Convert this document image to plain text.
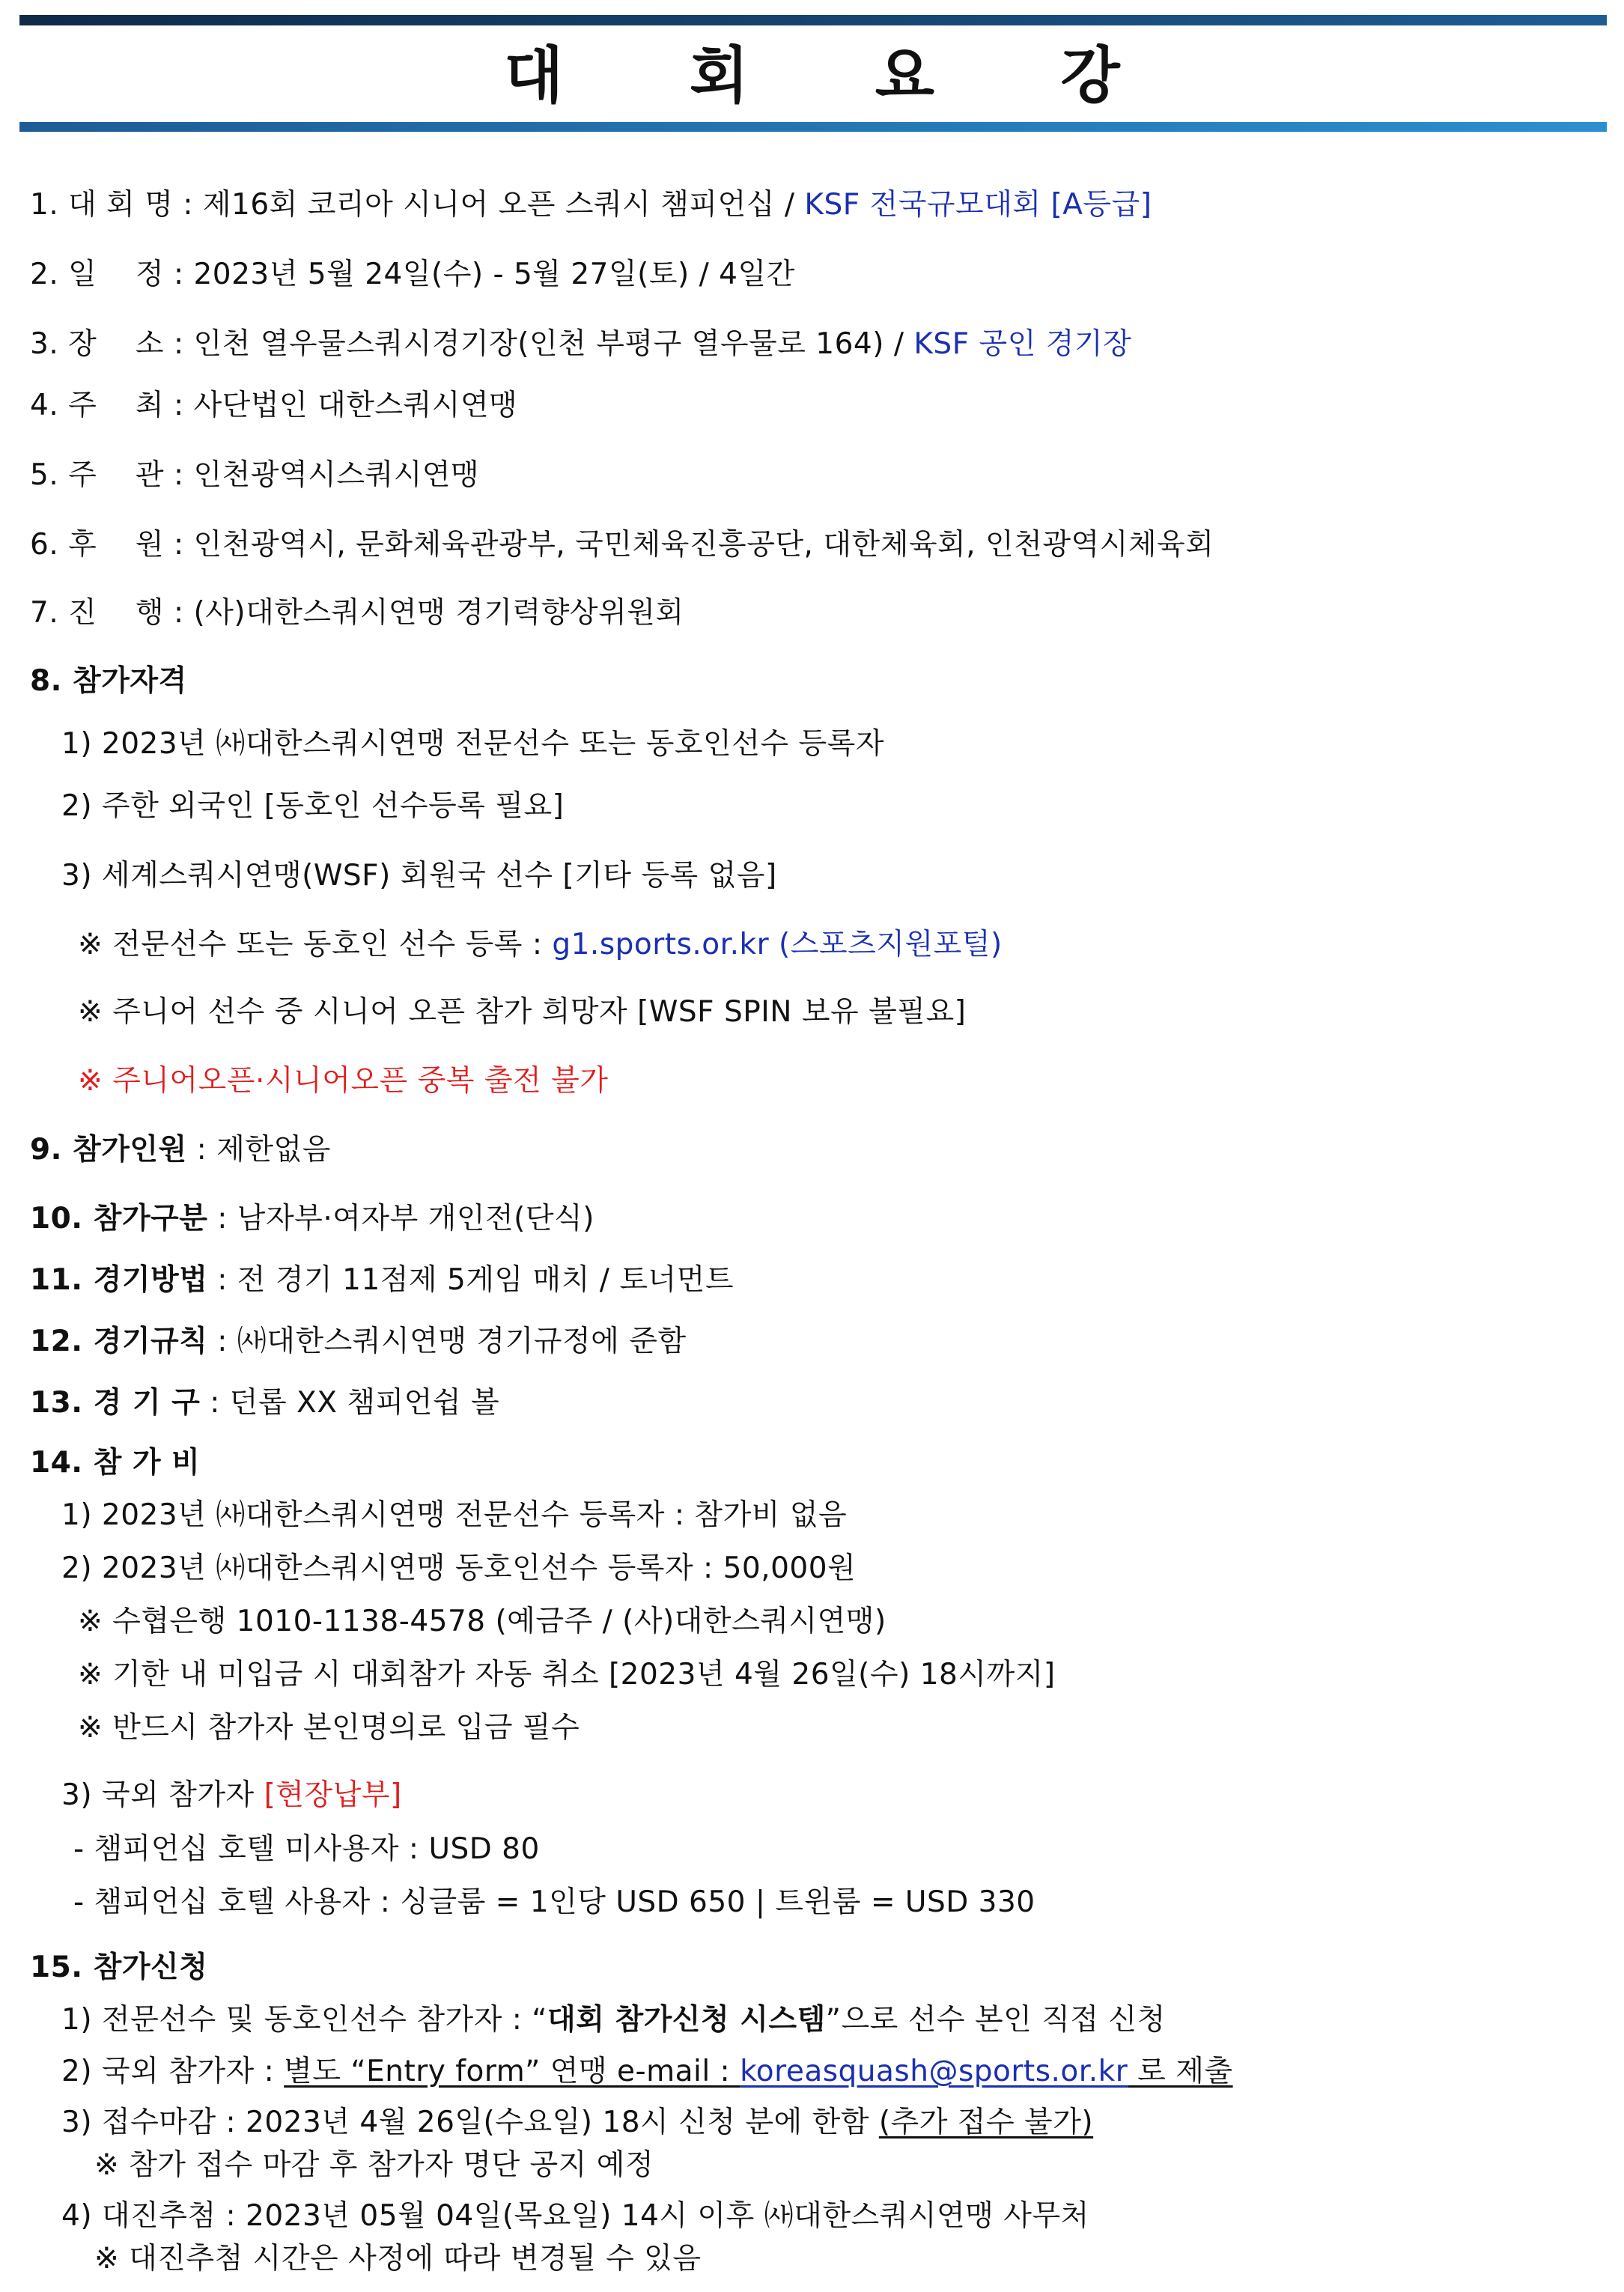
대 회 요 강
1. 대 회 명 : 제16회 코리아 시니어 오픈 스쿼시 챔피언십 / KSF 전국규모대회 [A등급]
2. 일    정 : 2023년 5월 24일(수) - 5월 27일(토) / 4일간
3. 장    소 : 인천 열우물스쿼시경기장(인천 부평구 열우물로 164) / KSF 공인 경기장
4. 주    최 : 사단법인 대한스쿼시연맹
5. 주    관 : 인천광역시스쿼시연맹
6. 후    원 : 인천광역시, 문화체육관광부, 국민체육진흥공단, 대한체육회, 인천광역시체육회
7. 진    행 : (사)대한스쿼시연맹 경기력향상위원회
8. 참가자격
1) 2023년 ㈔대한스쿼시연맹 전문선수 또는 동호인선수 등록자
2) 주한 외국인 [동호인 선수등록 필요]
3) 세계스쿼시연맹(WSF) 회원국 선수 [기타 등록 없음]
※ 전문선수 또는 동호인 선수 등록 : g1.sports.or.kr (스포츠지원포털)
※ 주니어 선수 중 시니어 오픈 참가 희망자 [WSF SPIN 보유 불필요]
※ 주니어오픈·시니어오픈 중복 출전 불가
9. 참가인원 : 제한없음
10. 참가구분 : 남자부·여자부 개인전(단식)
11. 경기방법 : 전 경기 11점제 5게임 매치 / 토너먼트
12. 경기규칙 : ㈔대한스쿼시연맹 경기규정에 준함
13. 경 기 구 : 던롭 XX 챔피언쉽 볼
14. 참 가 비
1) 2023년 ㈔대한스쿼시연맹 전문선수 등록자 : 참가비 없음
2) 2023년 ㈔대한스쿼시연맹 동호인선수 등록자 : 50,000원
※ 수협은행 1010-1138-4578 (예금주 / (사)대한스쿼시연맹)
※ 기한 내 미입금 시 대회참가 자동 취소 [2023년 4월 26일(수) 18시까지]
※ 반드시 참가자 본인명의로 입금 필수
3) 국외 참가자 [현장납부]
- 챔피언십 호텔 미사용자 : USD 80
- 챔피언십 호텔 사용자 : 싱글룸 = 1인당 USD 650 | 트윈룸 = USD 330
15. 참가신청
1) 전문선수 및 동호인선수 참가자 : “대회 참가신청 시스템”으로 선수 본인 직접 신청
2) 국외 참가자 : 별도 “Entry form” 연맹 e-mail : koreasquash@sports.or.kr 로 제출
3) 접수마감 : 2023년 4월 26일(수요일) 18시 신청 분에 한함 (추가 접수 불가)
※ 참가 접수 마감 후 참가자 명단 공지 예정
4) 대진추첨 : 2023년 05월 04일(목요일) 14시 이후 ㈔대한스쿼시연맹 사무처
※ 대진추첨 시간은 사정에 따라 변경될 수 있음
